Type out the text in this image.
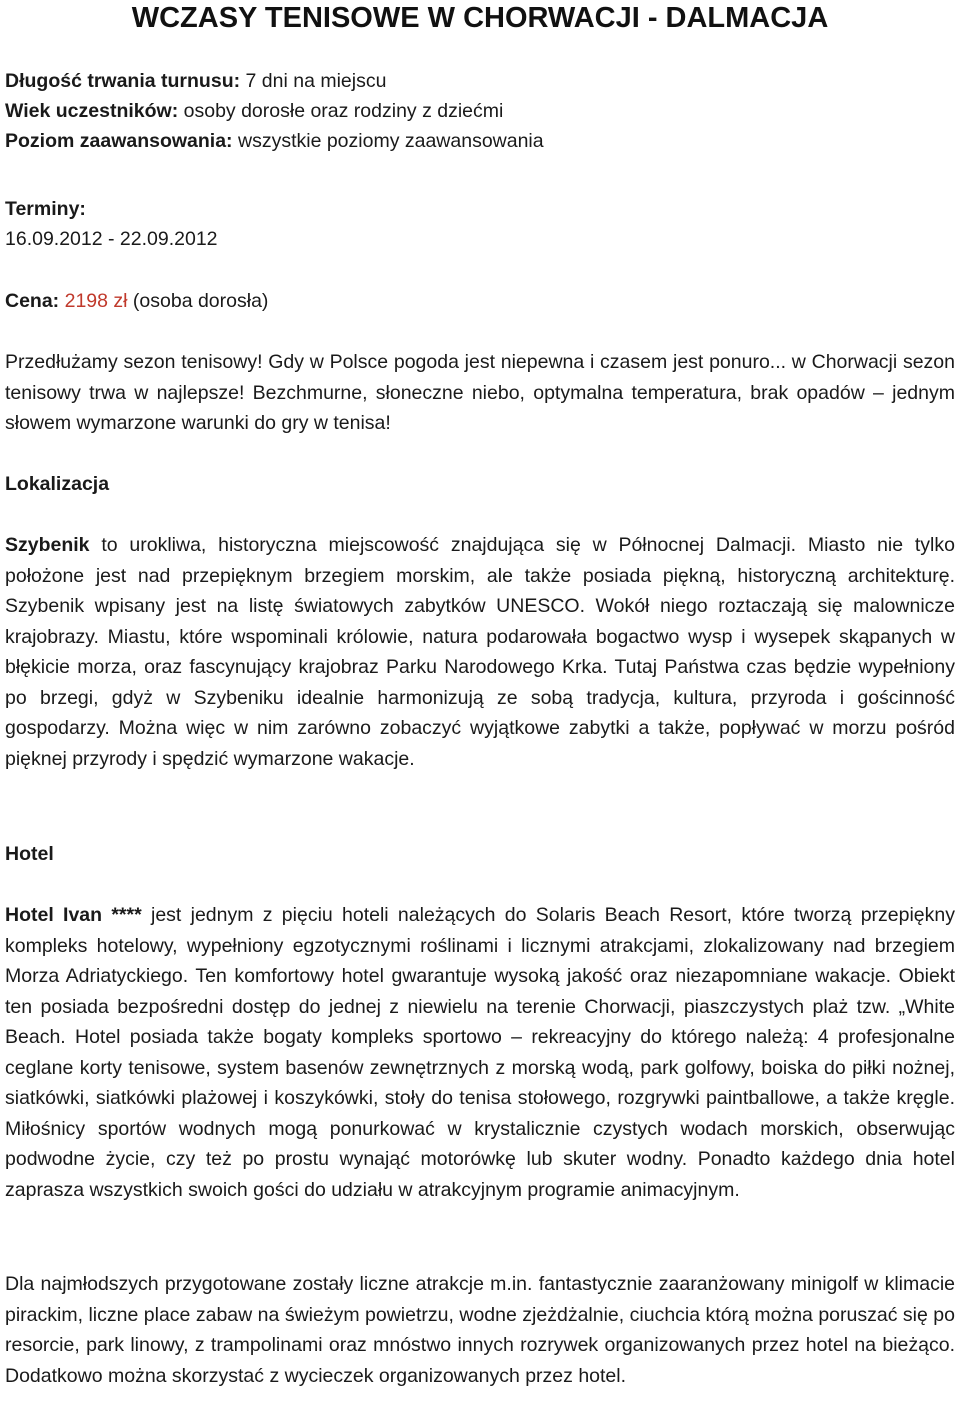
WCZASY TENISOWE W CHORWACJI - DALMACJA
Długość trwania turnusu: 7 dni na miejscu
Wiek uczestników: osoby dorosłe oraz rodziny z dziećmi
Poziom zaawansowania: wszystkie poziomy zaawansowania
Terminy:
16.09.2012 - 22.09.2012
Cena: 2198 zł (osoba dorosła)

Przedłużamy sezon tenisowy! Gdy w Polsce pogoda jest niepewna i czasem jest ponuro... w Chorwacji sezon tenisowy trwa w najlepsze! Bezchmurne, słoneczne niebo, optymalna temperatura, brak opadów – jednym słowem wymarzone warunki do gry w tenisa!

Lokalizacja

Szybenik to urokliwa, historyczna miejscowość znajdująca się w Północnej Dalmacji. Miasto nie tylko położone jest nad przepięknym brzegiem morskim, ale także posiada piękną, historyczną architekturę. Szybenik wpisany jest na listę światowych zabytków UNESCO. Wokół niego roztaczają się malownicze krajobrazy. Miastu, które wspominali królowie, natura podarowała bogactwo wysp i wysepek skąpanych w błękicie morza, oraz fascynujący krajobraz Parku Narodowego Krka. Tutaj Państwa czas będzie wypełniony po brzegi, gdyż w Szybeniku idealnie harmonizują ze sobą tradycja, kultura, przyroda i gościnność gospodarzy. Można więc w nim zarówno zobaczyć wyjątkowe zabytki a także, popływać w morzu pośród pięknej przyrody i spędzić wymarzone wakacje.

Hotel

Hotel Ivan **** jest jednym z pięciu hoteli należących do Solaris Beach Resort, które tworzą przepiękny kompleks hotelowy, wypełniony egzotycznymi roślinami i licznymi atrakcjami, zlokalizowany nad brzegiem Morza Adriatyckiego. Ten komfortowy hotel gwarantuje wysoką jakość oraz niezapomniane wakacje. Obiekt ten posiada bezpośredni dostęp do jednej z niewielu na terenie Chorwacji, piaszczystych plaż tzw. „White Beach. Hotel posiada także bogaty kompleks sportowo – rekreacyjny do którego należą: 4 profesjonalne ceglane korty tenisowe, system basenów zewnętrznych z morską wodą, park golfowy, boiska do piłki nożnej, siatkówki, siatkówki plażowej i koszykówki, stoły do tenisa stołowego, rozgrywki paintballowe, a także kręgle. Miłośnicy sportów wodnych mogą ponurkować w krystalicznie czystych wodach morskich, obserwując podwodne życie, czy też po prostu wynająć motorówkę lub skuter wodny. Ponadto każdego dnia hotel zaprasza wszystkich swoich gości do udziału w atrakcyjnym programie animacyjnym.

Dla najmłodszych przygotowane zostały liczne atrakcje m.in. fantastycznie zaaranżowany minigolf w klimacie pirackim, liczne place zabaw na świeżym powietrzu, wodne zjeżdżalnie, ciuchcia którą można poruszać się po resorcie, park linowy, z trampolinami oraz mnóstwo innych rozrywek organizowanych przez hotel na bieżąco. Dodatkowo można skorzystać z wycieczek organizowanych przez hotel.
